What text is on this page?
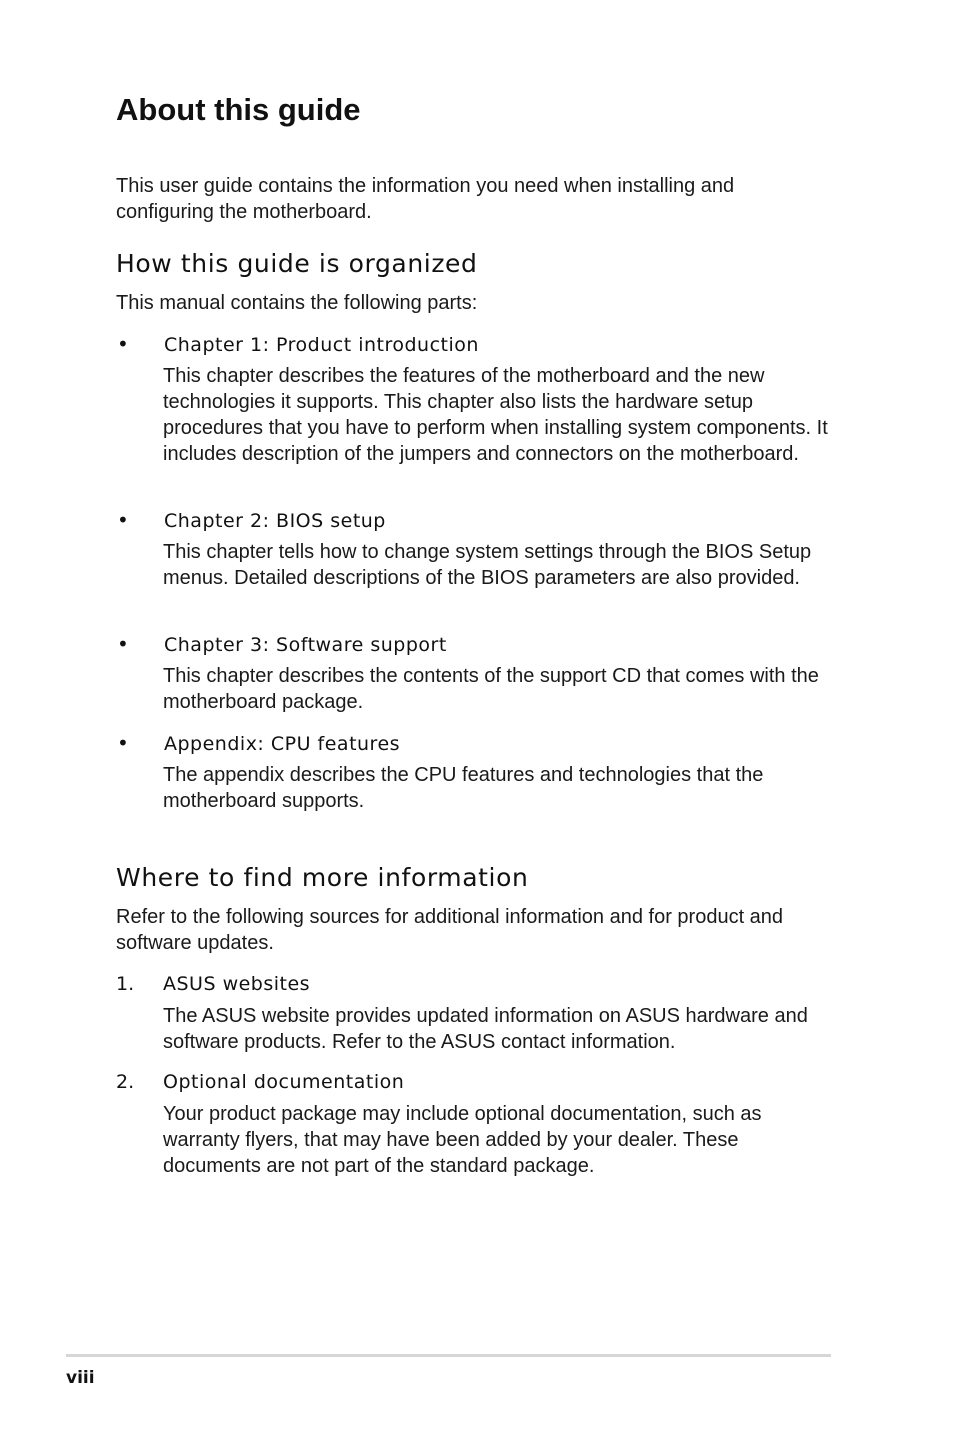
About this guide

This user guide contains the information you need when installing and configuring the motherboard.

How this guide is organized

This manual contains the following parts:

•	Chapter 1: Product introduction

This chapter describes the features of the motherboard and the new technologies it supports. This chapter also lists the hardware setup procedures that you have to perform when installing system components. It includes description of the jumpers and connectors on the motherboard.

•	Chapter 2: BIOS setup

This chapter tells how to change system settings through the BIOS Setup menus. Detailed descriptions of the BIOS parameters are also provided.

•	Chapter 3: Software support

This chapter describes the contents of the support CD that comes with the motherboard package.

•	Appendix: CPU features

The appendix describes the CPU features and technologies that the motherboard supports.

Where to find more information

Refer to the following sources for additional information and for product and software updates.

1.	ASUS websites

The ASUS website provides updated information on ASUS hardware and software products. Refer to the ASUS contact information.

2.	Optional documentation

Your product package may include optional documentation, such as warranty flyers, that may have been added by your dealer. These documents are not part of the standard package.

viii
